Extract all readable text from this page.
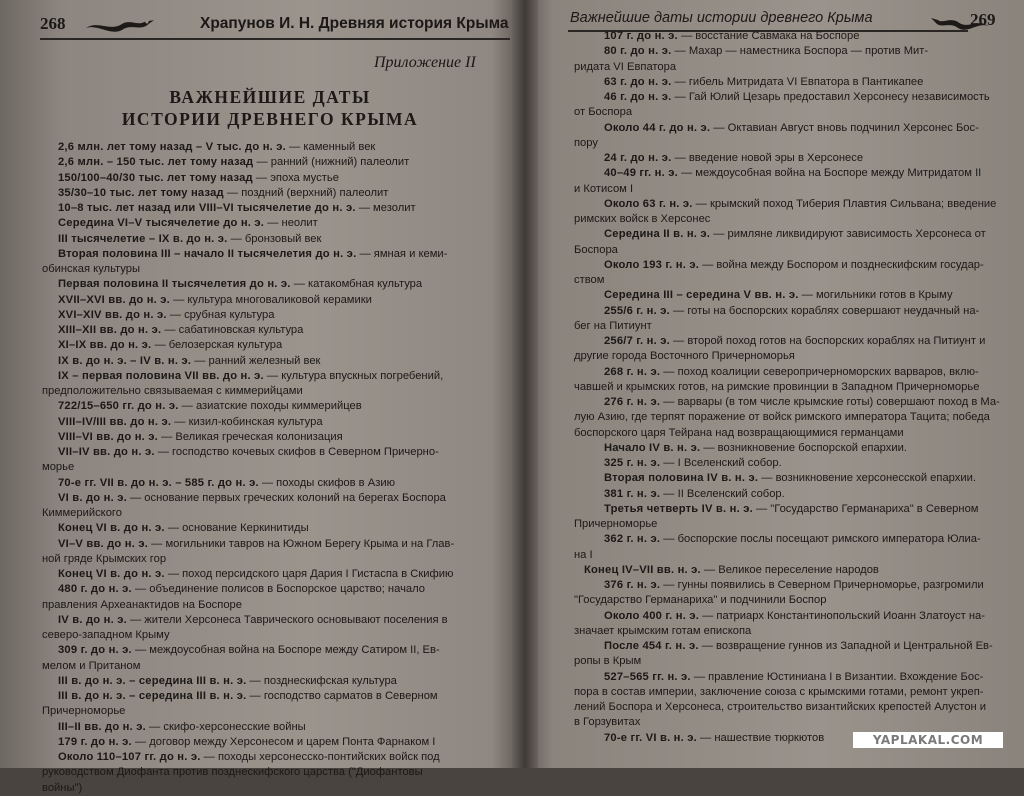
268	Храпунов И. Н. Древняя история Крыма
Приложение II
ВАЖНЕЙШИЕ ДАТЫ
ИСТОРИИ ДРЕВНЕГО КРЫМА
2,6 млн. лет тому назад – V тыс. до н. э. — каменный век
2,6 млн. – 150 тыс. лет тому назад — ранний (нижний) палеолит
150/100–40/30 тыс. лет тому назад — эпоха мустье
35/30–10 тыс. лет тому назад — поздний (верхний) палеолит
10–8 тыс. лет назад или VIII–VI тысячелетие до н. э. — мезолит
Середина VI–V тысячелетие до н. э. — неолит
III тысячелетие – IX в. до н. э. — бронзовый век
Вторая половина III – начало II тысячелетия до н. э. — ямная и кеми-
обинская культуры
Первая половина II тысячелетия до н. э. — катакомбная культура
XVII–XVI вв. до н. э. — культура многоваликовой керамики
XVI–XIV вв. до н. э. — срубная культура
XIII–XII вв. до н. э. — сабатиновская культура
XI–IX вв. до н. э. — белозерская культура
IX в. до н. э. – IV в. н. э. — ранний железный век
IX – первая половина VII вв. до н. э. — культура впускных погребений,
предположительно связываемая с киммерийцами
722/15–650 гг. до н. э. — азиатские походы киммерийцев
VIII–IV/III вв. до н. э. — кизил-кобинская культура
VIII–VI вв. до н. э. — Великая греческая колонизация
VII–IV вв. до н. э. — господство кочевых скифов в Северном Причерно-
морье
70-е гг. VII в. до н. э. – 585 г. до н. э. — походы скифов в Азию
VI в. до н. э. — основание первых греческих колоний на берегах Боспора
Киммерийского
Конец VI в. до н. э. — основание Керкинитиды
VI–V вв. до н. э. — могильники тавров на Южном Берегу Крыма и на Глав-
ной гряде Крымских гор
Конец VI в. до н. э. — поход персидского царя Дария I Гистаспа в Скифию
480 г. до н. э. — объединение полисов в Боспорское царство; начало
правления Археанактидов на Боспоре
IV в. до н. э. — жители Херсонеса Таврического основывают поселения в
северо-западном Крыму
309 г. до н. э. — междоусобная война на Боспоре между Сатиром II, Ев-
мелом и Пританом
III в. до н. э. – середина III в. н. э. — позднескифская культура
III в. до н. э. – середина III в. н. э. — господство сарматов в Северном
Причерноморье
III–II вв. до н. э. — скифо-херсонесские войны
179 г. до н. э. — договор между Херсонесом и царем Понта Фарнаком I
Около 110–107 гг. до н. э. — походы херсонесско-понтийских войск под
руководством Диофанта против позднескифского царства ("Диофантовы
войны")
Важнейшие даты истории древнего Крыма	269
107 г. до н. э. — восстание Савмака на Боспоре
80 г. до н. э. — Махар — наместника Боспора — против Мит-
ридата VI Евпатора
63 г. до н. э. — гибель Митридата VI Евпатора в Пантикапее
46 г. до н. э. — Гай Юлий Цезарь предоставил Херсонесу независимость
от Боспора
Около 44 г. до н. э. — Октавиан Август вновь подчинил Херсонес Бос-
пору
24 г. до н. э. — введение новой эры в Херсонесе
40–49 гг. н. э. — междоусобная война на Боспоре между Митридатом II
и Котисом I
Около 63 г. н. э. — крымский поход Тиберия Плавтия Сильвана; введение
римских войск в Херсонес
Середина II в. н. э. — римляне ликвидируют зависимость Херсонеса от
Боспора
Около 193 г. н. э. — война между Боспором и позднескифским государ-
ством
Середина III – середина V вв. н. э. — могильники готов в Крыму
255/6 г. н. э. — готы на боспорских кораблях совершают неудачный на-
бег на Питиунт
256/7 г. н. э. — второй поход готов на боспорских кораблях на Питиунт и
другие города Восточного Причерноморья
268 г. н. э. — поход коалиции северопричерноморских варваров, вклю-
чавшей и крымских готов, на римские провинции в Западном Причерноморье
276 г. н. э. — варвары (в том числе крымские готы) совершают поход в Ма-
лую Азию, где терпят поражение от войск римского императора Тацита; победа
боспорского царя Тейрана над возвращающимися германцами
Начало IV в. н. э. — возникновение боспорской епархии.
325 г. н. э. — I Вселенский собор.
Вторая половина IV в. н. э. — возникновение херсонесской епархии.
381 г. н. э. — II Вселенский собор.
Третья четверть IV в. н. э. — "Государство Германариха" в Северном
Причерноморье
362 г. н. э. — боспорские послы посещают римского императора Юлиа-
на I
Конец IV–VII вв. н. э. — Великое переселение народов
376 г. н. э. — гунны появились в Северном Причерноморье, разгромили
"Государство Германариха" и подчинили Боспор
Около 400 г. н. э. — патриарх Константинопольский Иоанн Златоуст на-
значает крымским готам епископа
После 454 г. н. э. — возвращение гуннов из Западной и Центральной Ев-
ропы в Крым
527–565 гг. н. э. — правление Юстиниана I в Византии. Вхождение Бос-
пора в состав империи, заключение союза с крымскими готами, ремонт укреп-
лений Боспора и Херсонеса, строительство византийских крепостей Алустон и
в Горзувитах
70-е гг. VI в. н. э. — нашествие тюркютов	YAPLAKAL.COM
